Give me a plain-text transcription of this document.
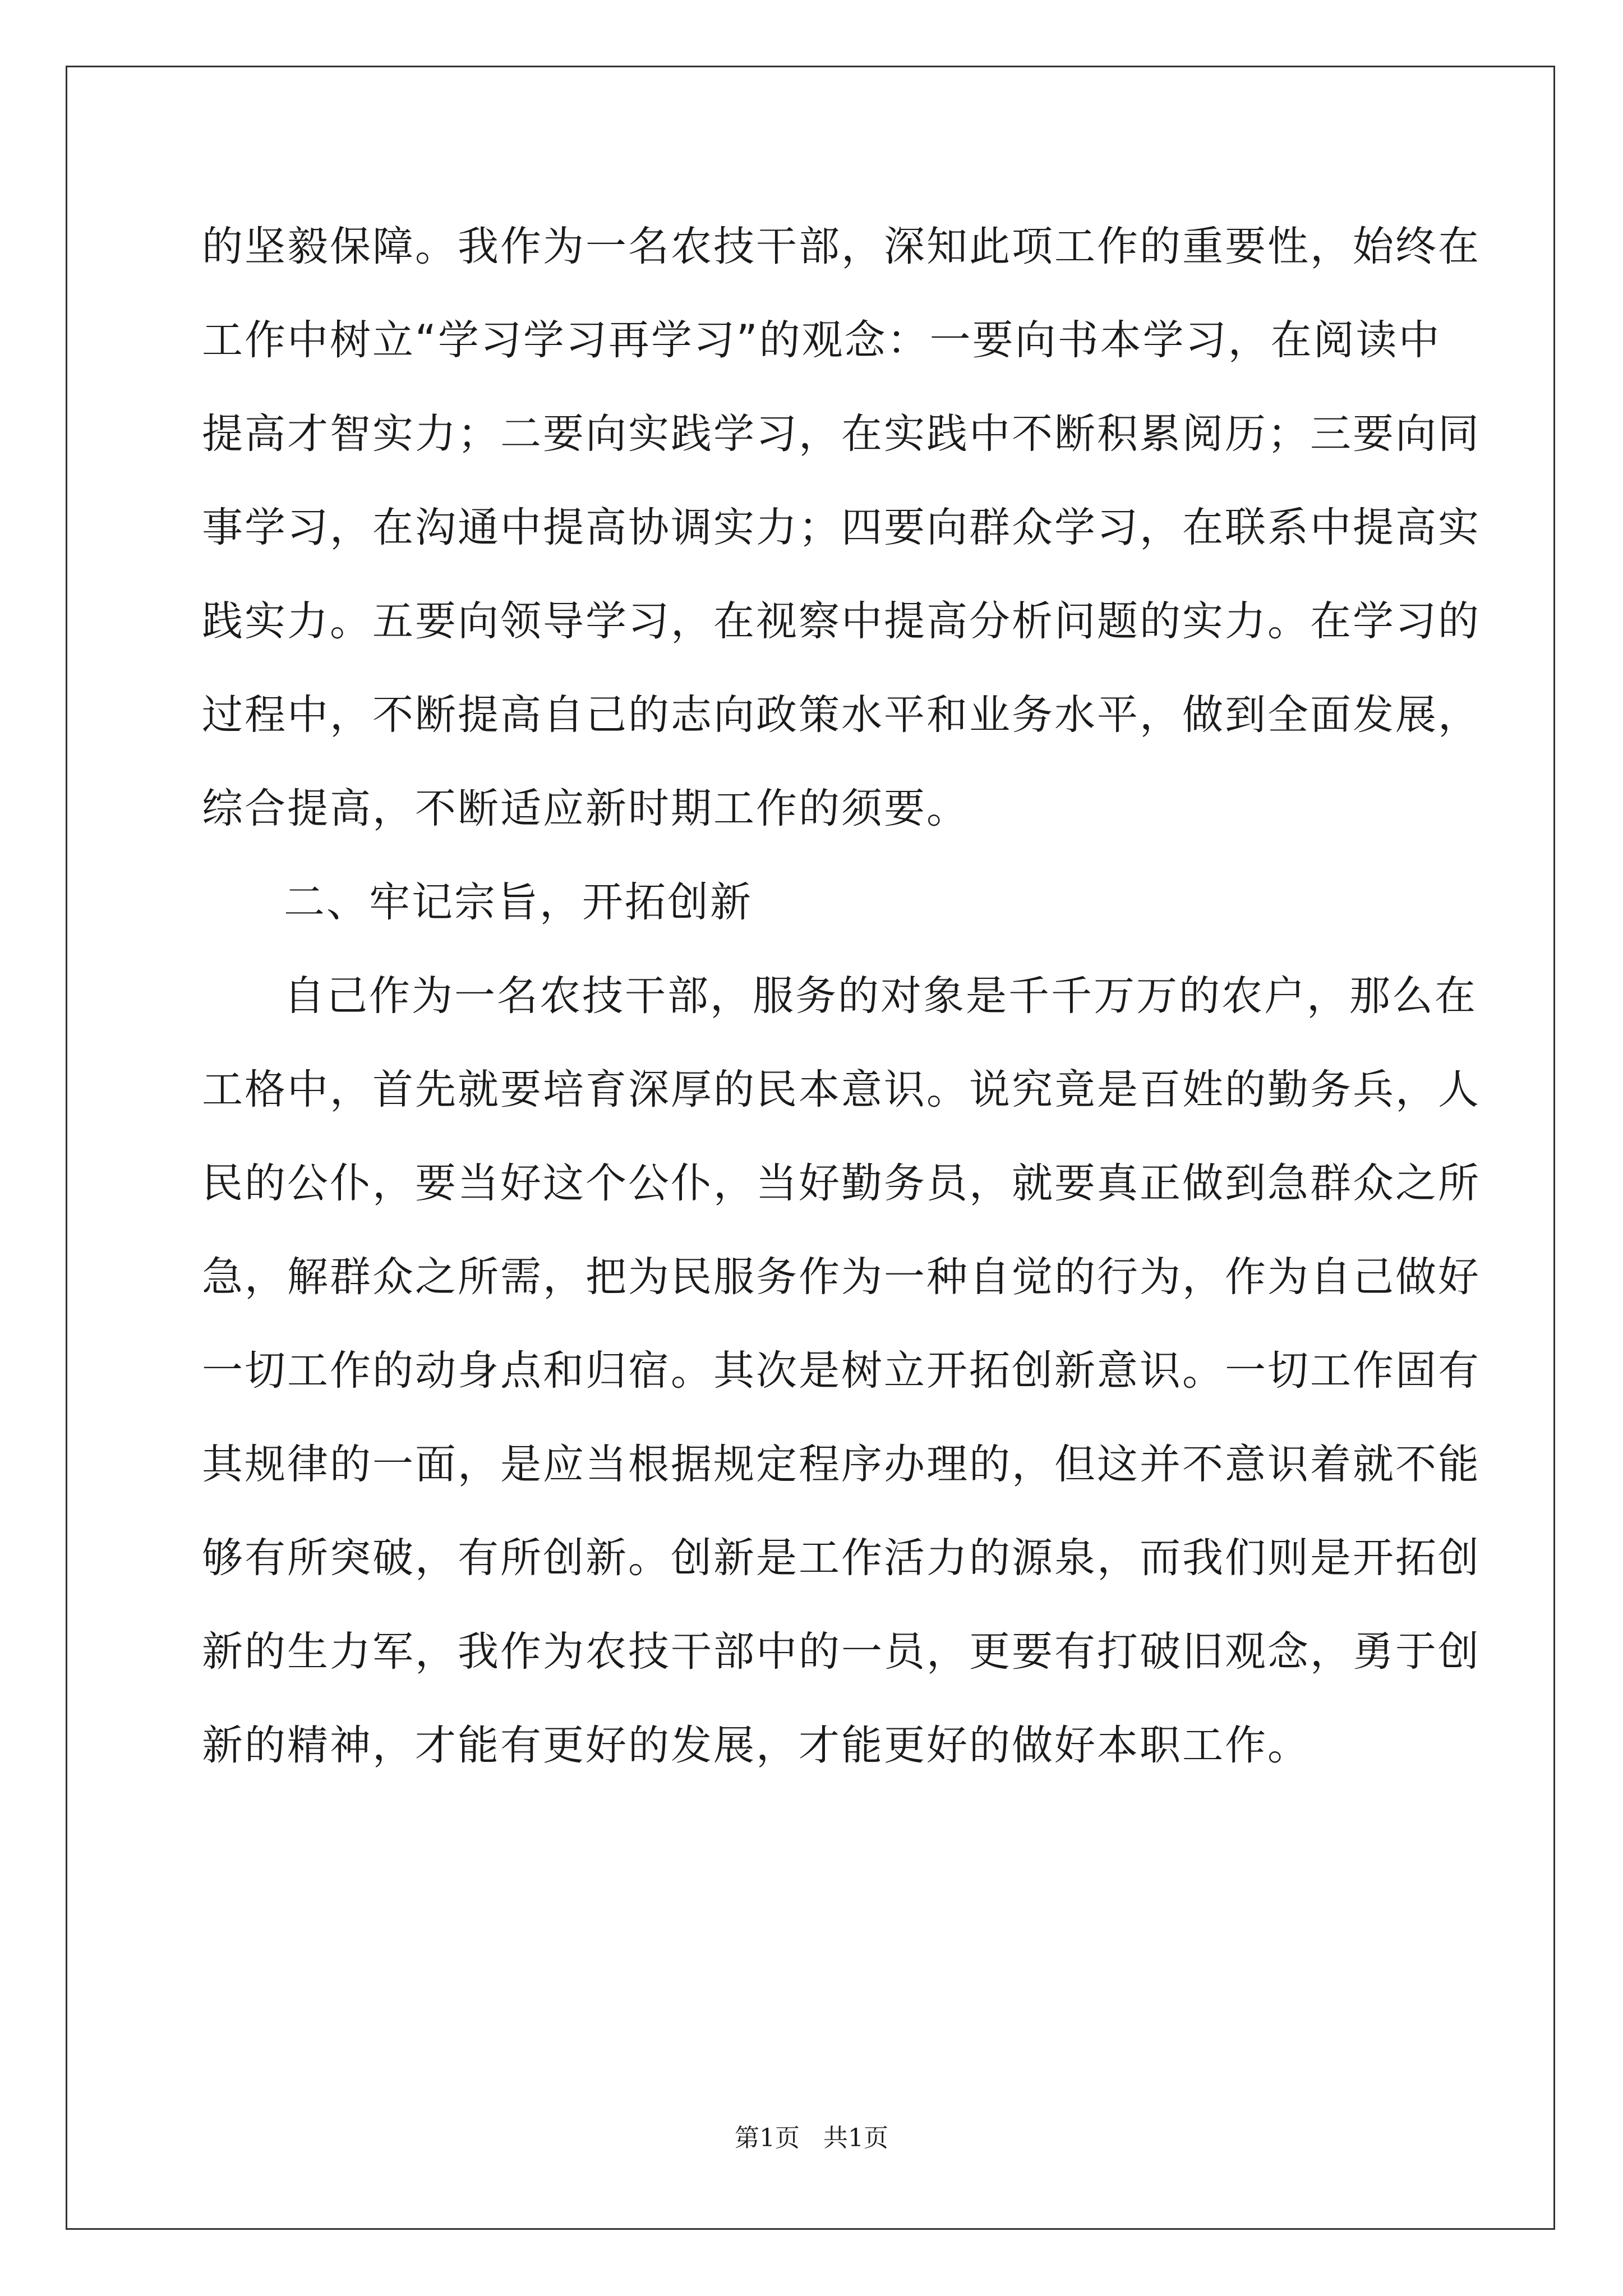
的坚毅保障。我作为一名农技干部，深知此项工作的重要性，始终在
工作中树立“学习学习再学习”的观念：一要向书本学习，在阅读中
提高才智实力；二要向实践学习，在实践中不断积累阅历；三要向同
事学习，在沟通中提高协调实力；四要向群众学习，在联系中提高实
践实力。五要向领导学习，在视察中提高分析问题的实力。在学习的
过程中，不断提高自己的志向政策水平和业务水平，做到全面发展，
综合提高，不断适应新时期工作的须要。
二、牢记宗旨，开拓创新
自己作为一名农技干部，服务的对象是千千万万的农户，那么在
工格中，首先就要培育深厚的民本意识。说究竟是百姓的勤务兵，人
民的公仆，要当好这个公仆，当好勤务员，就要真正做到急群众之所
急，解群众之所需，把为民服务作为一种自觉的行为，作为自己做好
一切工作的动身点和归宿。其次是树立开拓创新意识。一切工作固有
其规律的一面，是应当根据规定程序办理的，但这并不意识着就不能
够有所突破，有所创新。创新是工作活力的源泉，而我们则是开拓创
新的生力军，我作为农技干部中的一员，更要有打破旧观念，勇于创
新的精神，才能有更好的发展，才能更好的做好本职工作。
第1页   共1页
